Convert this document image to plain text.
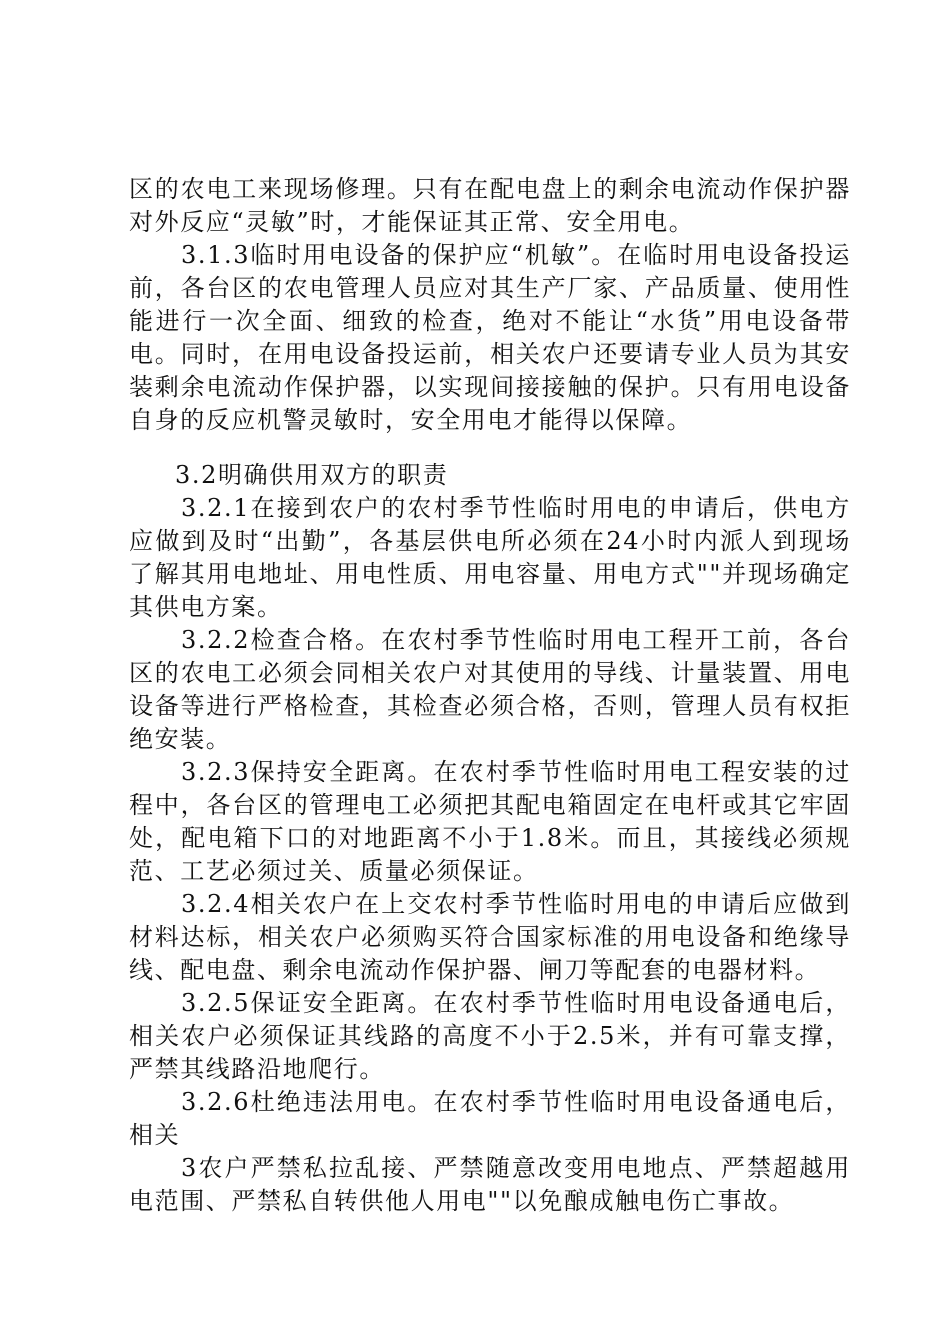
区的农电工来现场修理。只有在配电盘上的剩余电流动作保护器对外反应“灵敏”时，才能保证其正常、安全用电。

3.1.3临时用电设备的保护应“机敏”。在临时用电设备投运前，各台区的农电管理人员应对其生产厂家、产品质量、使用性能进行一次全面、细致的检查，绝对不能让“水货”用电设备带电。同时，在用电设备投运前，相关农户还要请专业人员为其安装剩余电流动作保护器，以实现间接接触的保护。只有用电设备自身的反应机警灵敏时，安全用电才能得以保障。

3.2明确供用双方的职责

3.2.1在接到农户的农村季节性临时用电的申请后，供电方应做到及时“出勤”，各基层供电所必须在24小时内派人到现场了解其用电地址、用电性质、用电容量、用电方式""并现场确定其供电方案。

3.2.2检查合格。在农村季节性临时用电工程开工前，各台区的农电工必须会同相关农户对其使用的导线、计量装置、用电设备等进行严格检查，其检查必须合格，否则，管理人员有权拒绝安装。

3.2.3保持安全距离。在农村季节性临时用电工程安装的过程中，各台区的管理电工必须把其配电箱固定在电杆或其它牢固处，配电箱下口的对地距离不小于1.8米。而且，其接线必须规范、工艺必须过关、质量必须保证。

3.2.4相关农户在上交农村季节性临时用电的申请后应做到材料达标，相关农户必须购买符合国家标准的用电设备和绝缘导线、配电盘、剩余电流动作保护器、闸刀等配套的电器材料。

3.2.5保证安全距离。在农村季节性临时用电设备通电后，相关农户必须保证其线路的高度不小于2.5米，并有可靠支撑，严禁其线路沿地爬行。

3.2.6杜绝违法用电。在农村季节性临时用电设备通电后，相关

3农户严禁私拉乱接、严禁随意改变用电地点、严禁超越用电范围、严禁私自转供他人用电""以免酿成触电伤亡事故。
